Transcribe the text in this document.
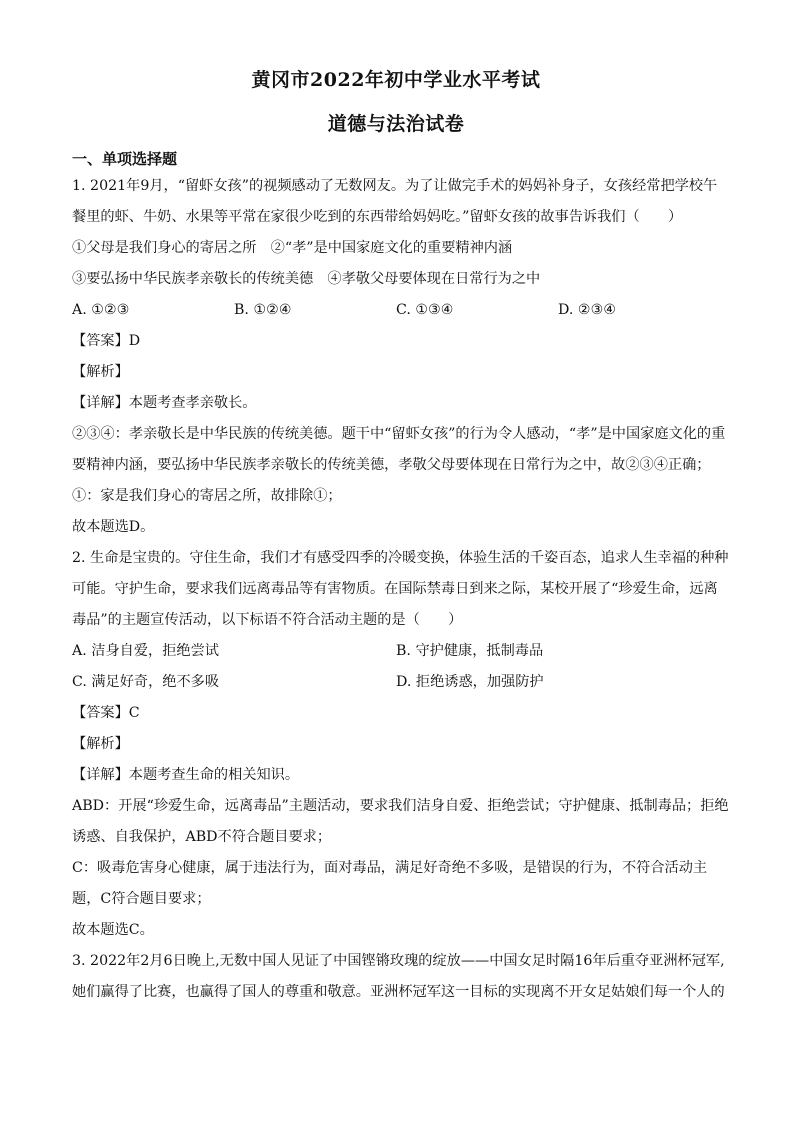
黄冈市2022年初中学业水平考试
道德与法治试卷
一、单项选择题
1. 2021年9月，“留虾女孩”的视频感动了无数网友。为了让做完手术的妈妈补身子，女孩经常把学校午
餐里的虾、牛奶、水果等平常在家很少吃到的东西带给妈妈吃。”留虾女孩的故事告诉我们（　　）
①父母是我们身心的寄居之所　②“孝”是中国家庭文化的重要精神内涵
③要弘扬中华民族孝亲敬长的传统美德　④孝敬父母要体现在日常行为之中
A. ①②③	B. ①②④	C. ①③④	D. ②③④
【答案】D
【解析】
【详解】本题考查孝亲敬长。
②③④：孝亲敬长是中华民族的传统美德。题干中“留虾女孩”的行为令人感动，“孝”是中国家庭文化的重
要精神内涵，要弘扬中华民族孝亲敬长的传统美德，孝敬父母要体现在日常行为之中，故②③④正确；
①：家是我们身心的寄居之所，故排除①；
故本题选D。
2. 生命是宝贵的。守住生命，我们才有感受四季的冷暖变换，体验生活的千姿百态，追求人生幸福的种种
可能。守护生命，要求我们远离毒品等有害物质。在国际禁毒日到来之际，某校开展了“珍爱生命，远离
毒品”的主题宣传活动，以下标语不符合活动主题的是（　　）
A. 洁身自爱，拒绝尝试	B. 守护健康，抵制毒品
C. 满足好奇，绝不多吸	D. 拒绝诱惑，加强防护
【答案】C
【解析】
【详解】本题考查生命的相关知识。
ABD：开展“珍爱生命，远离毒品”主题活动，要求我们洁身自爱、拒绝尝试；守护健康、抵制毒品；拒绝
诱惑、自我保护，ABD不符合题目要求；
C：吸毒危害身心健康，属于违法行为，面对毒品，满足好奇绝不多吸，是错误的行为，不符合活动主
题，C符合题目要求；
故本题选C。
3. 2022年2月6日晚上,无数中国人见证了中国铿锵玫瑰的绽放——中国女足时隔16年后重夺亚洲杯冠军,
她们赢得了比赛，也赢得了国人的尊重和敬意。亚洲杯冠军这一目标的实现离不开女足姑娘们每一个人的
